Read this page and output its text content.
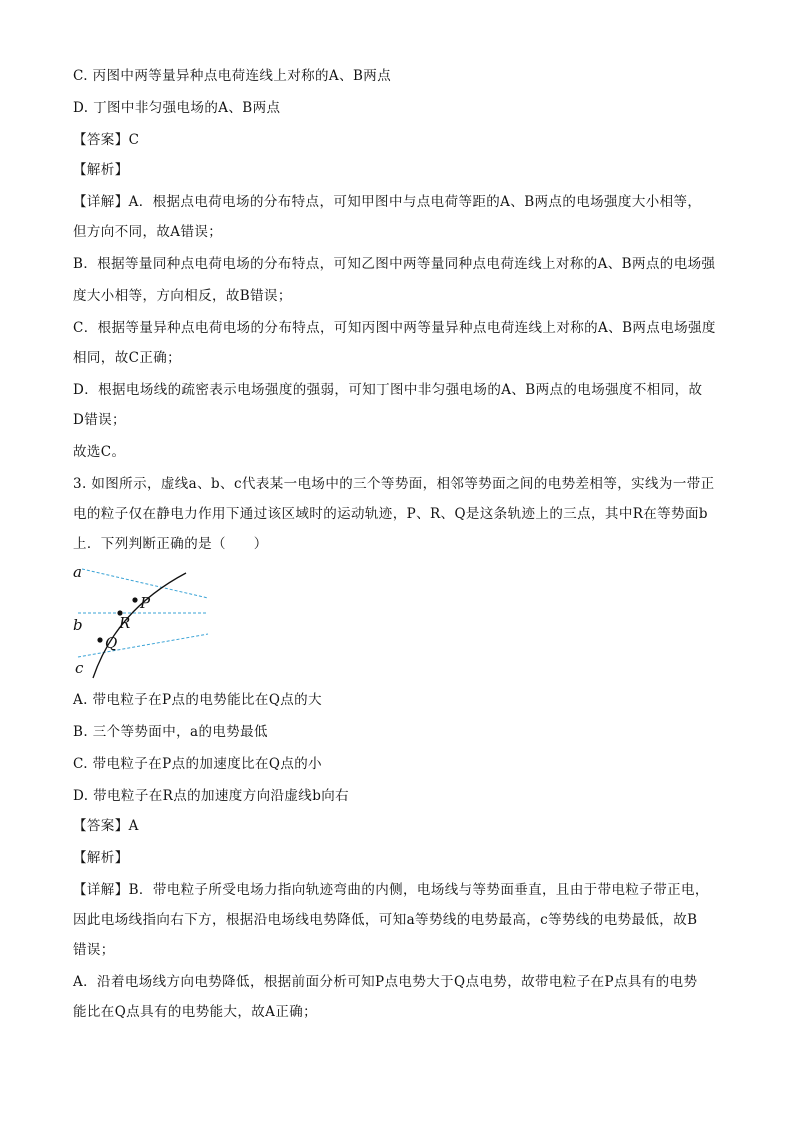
C. 丙图中两等量异种点电荷连线上对称的A、B两点
D. 丁图中非匀强电场的A、B两点
【答案】C
【解析】
【详解】A．根据点电荷电场的分布特点，可知甲图中与点电荷等距的A、B两点的电场强度大小相等，
但方向不同，故A错误；
B．根据等量同种点电荷电场的分布特点，可知乙图中两等量同种点电荷连线上对称的A、B两点的电场强
度大小相等，方向相反，故B错误；
C．根据等量异种点电荷电场的分布特点，可知丙图中两等量异种点电荷连线上对称的A、B两点电场强度
相同，故C正确；
D．根据电场线的疏密表示电场强度的强弱，可知丁图中非匀强电场的A、B两点的电场强度不相同，故
D错误；
故选C。
3. 如图所示，虚线a、b、c代表某一电场中的三个等势面，相邻等势面之间的电势差相等，实线为一带正
电的粒子仅在静电力作用下通过该区域时的运动轨迹，P、R、Q是这条轨迹上的三点，其中R在等势面b
上．下列判断正确的是（　　）
a
b
c
P
R
Q
A. 带电粒子在P点的电势能比在Q点的大
B. 三个等势面中，a的电势最低
C. 带电粒子在P点的加速度比在Q点的小
D. 带电粒子在R点的加速度方向沿虚线b向右
【答案】A
【解析】
【详解】B．带电粒子所受电场力指向轨迹弯曲的内侧，电场线与等势面垂直，且由于带电粒子带正电，
因此电场线指向右下方，根据沿电场线电势降低，可知a等势线的电势最高，c等势线的电势最低，故B
错误；
A．沿着电场线方向电势降低，根据前面分析可知P点电势大于Q点电势，故带电粒子在P点具有的电势
能比在Q点具有的电势能大，故A正确；
